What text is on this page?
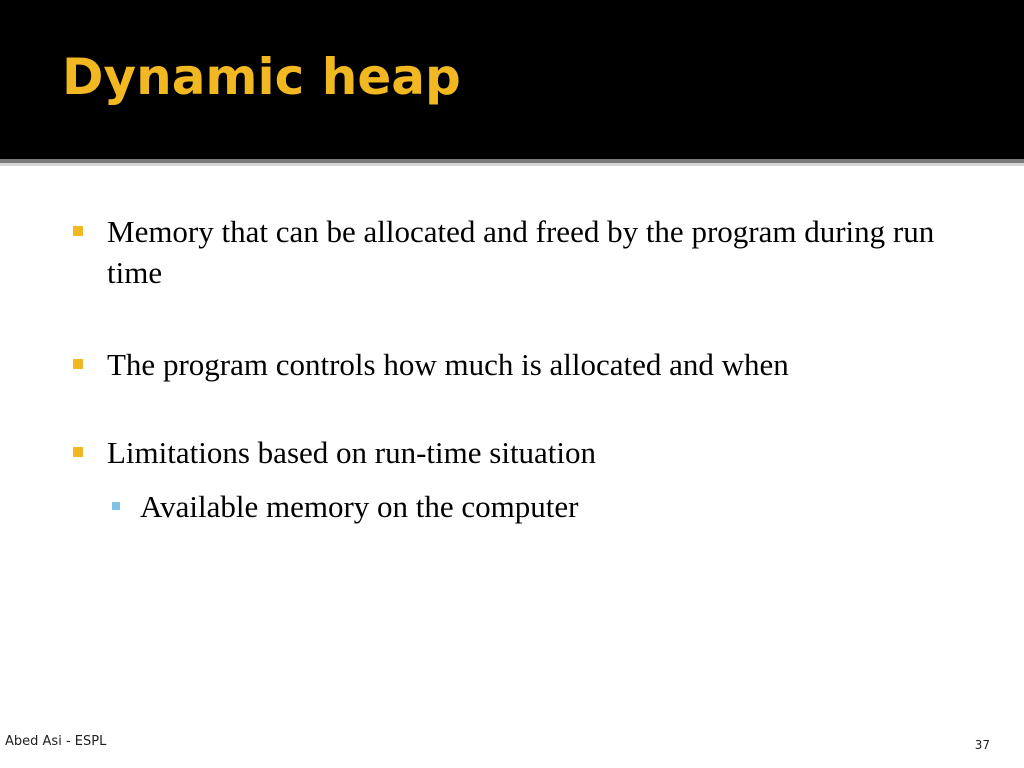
Dynamic heap
Memory that can be allocated and freed by the program during run time
The program controls how much is allocated and when
Limitations based on run-time situation
Available memory on the computer
Abed Asi - ESPL	37
